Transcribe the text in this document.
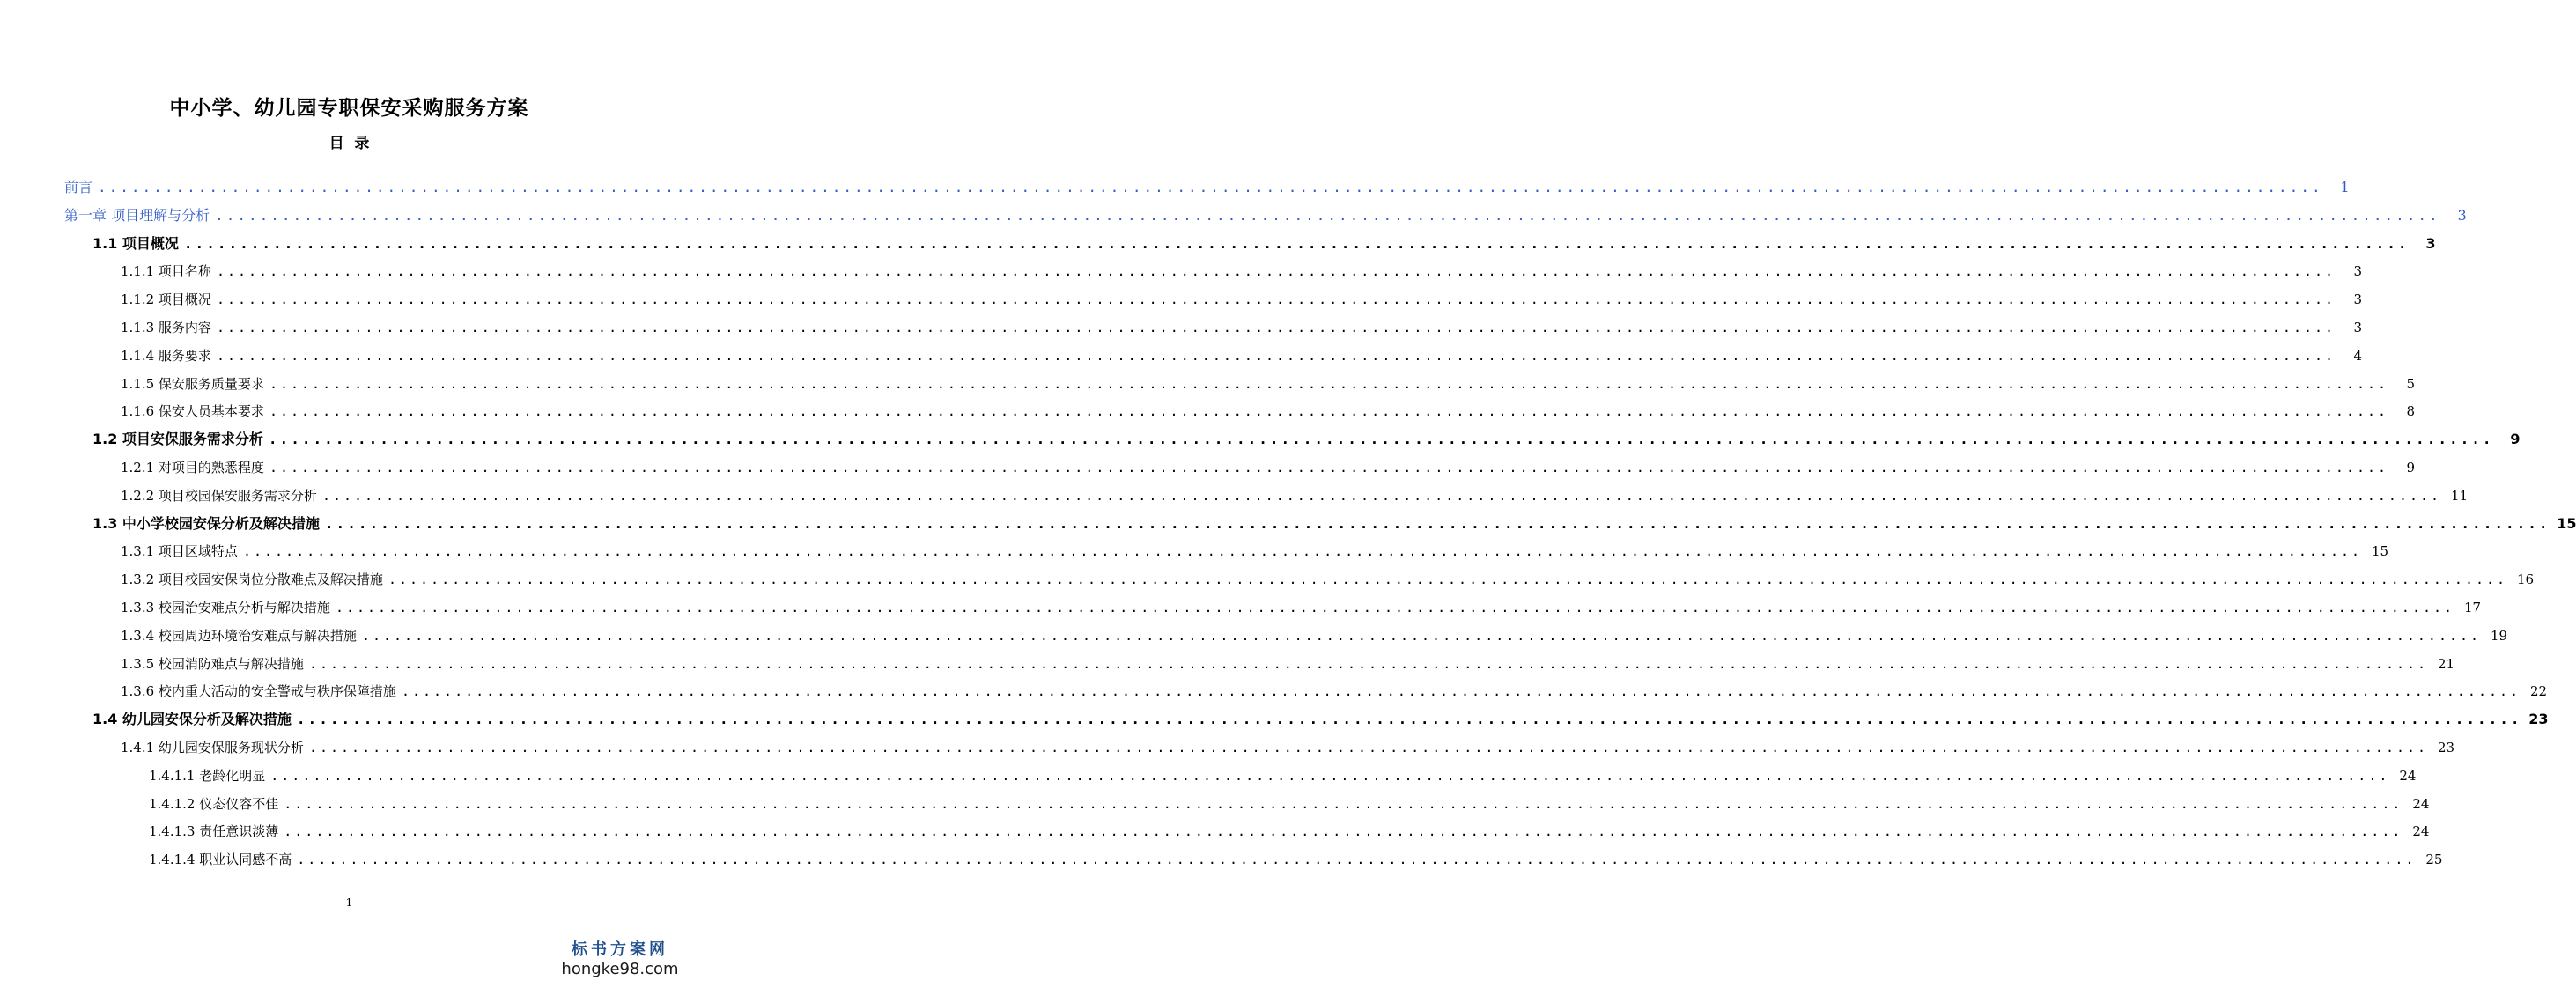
中小学、幼儿园专职保安采购服务方案
目  录
前言 ........................................................................................................................................................................................................	1
第一章 项目理解与分析 ........................................................................................................................................................................................................	3
1.1 项目概况 ........................................................................................................................................................................................................	3
1.1.1 项目名称 ........................................................................................................................................................................................................	3
1.1.2 项目概况 ........................................................................................................................................................................................................	3
1.1.3 服务内容 ........................................................................................................................................................................................................	3
1.1.4 服务要求 ........................................................................................................................................................................................................	4
1.1.5 保安服务质量要求 ........................................................................................................................................................................................................	5
1.1.6 保安人员基本要求 ........................................................................................................................................................................................................	8
1.2 项目安保服务需求分析 ........................................................................................................................................................................................................	9
1.2.1 对项目的熟悉程度 ........................................................................................................................................................................................................	9
1.2.2 项目校园保安服务需求分析 ........................................................................................................................................................................................................ 11
1.3 中小学校园安保分析及解决措施 ........................................................................................................................................................................................................ 15
1.3.1 项目区域特点 ........................................................................................................................................................................................................ 15
1.3.2 项目校园安保岗位分散难点及解决措施 ........................................................................................................................................................................................................ 16
1.3.3 校园治安难点分析与解决措施 ........................................................................................................................................................................................................ 17
1.3.4 校园周边环境治安难点与解决措施 ........................................................................................................................................................................................................ 19
1.3.5 校园消防难点与解决措施 ........................................................................................................................................................................................................ 21
1.3.6 校内重大活动的安全警戒与秩序保障措施 ........................................................................................................................................................................................................ 22
1.4 幼儿园安保分析及解决措施 ........................................................................................................................................................................................................ 23
1.4.1 幼儿园安保服务现状分析 ........................................................................................................................................................................................................ 23
1.4.1.1 老龄化明显 ........................................................................................................................................................................................................ 24
1.4.1.2 仪态仪容不佳 ........................................................................................................................................................................................................ 24
1.4.1.3 责任意识淡薄 ........................................................................................................................................................................................................ 24
1.4.1.4 职业认同感不高 ........................................................................................................................................................................................................ 25
1
标书方案网
hongke98.com
